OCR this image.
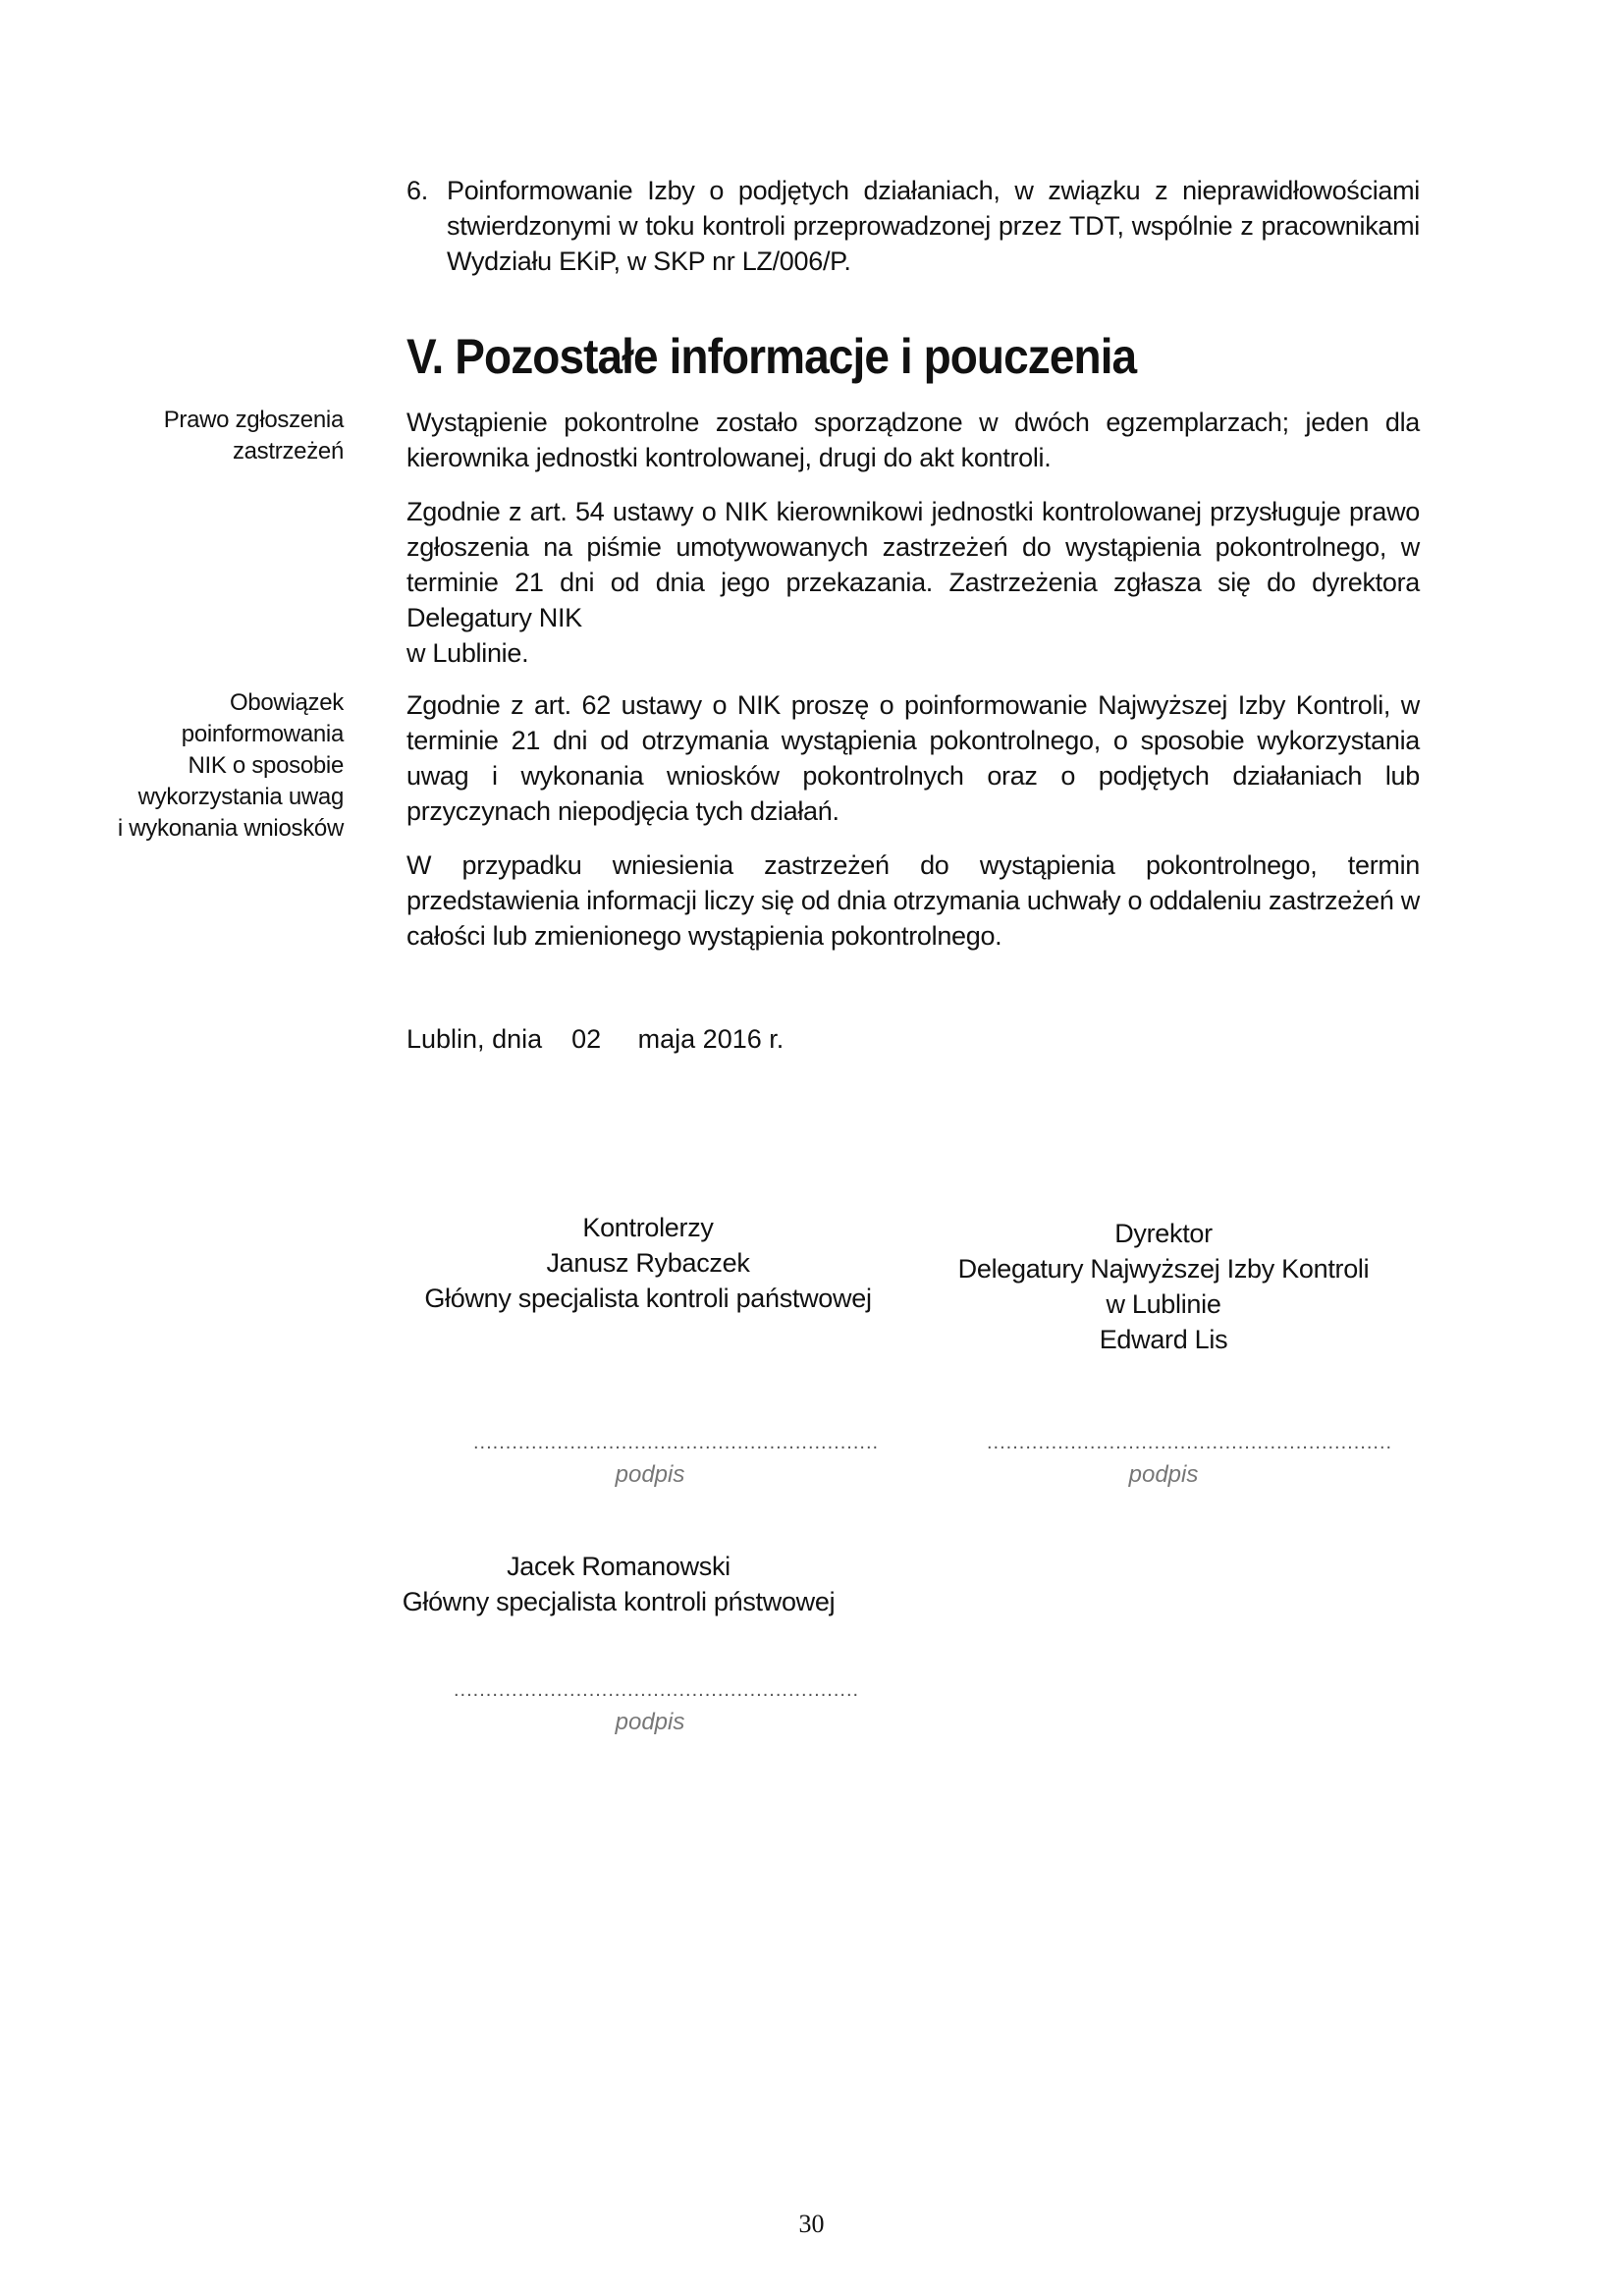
6. Poinformowanie Izby o podjętych działaniach, w związku z nieprawidłowościami stwierdzonymi w toku kontroli przeprowadzonej przez TDT, wspólnie z pracownikami Wydziału EKiP, w SKP nr LZ/006/P.
V. Pozostałe informacje i pouczenia
Prawo zgłoszenia
zastrzeżeń
Obowiązek
poinformowania
NIK o sposobie
wykorzystania uwag
i wykonania wniosków
Wystąpienie pokontrolne zostało sporządzone w dwóch egzemplarzach; jeden dla kierownika jednostki kontrolowanej, drugi do akt kontroli.
Zgodnie z art. 54 ustawy o NIK kierownikowi jednostki kontrolowanej przysługuje prawo zgłoszenia na piśmie umotywowanych zastrzeżeń do wystąpienia pokontrolnego, w terminie 21 dni od dnia jego przekazania. Zastrzeżenia zgłasza się do dyrektora Delegatury NIK
w Lublinie.
Zgodnie z art. 62 ustawy o NIK proszę o poinformowanie Najwyższej Izby Kontroli, w terminie 21 dni od otrzymania wystąpienia pokontrolnego, o sposobie wykorzystania uwag i wykonania wniosków pokontrolnych oraz o podjętych działaniach lub przyczynach niepodjęcia tych działań.
W przypadku wniesienia zastrzeżeń do wystąpienia pokontrolnego, termin przedstawienia informacji liczy się od dnia otrzymania uchwały o oddaleniu zastrzeżeń w całości lub zmienionego wystąpienia pokontrolnego.
Lublin, dnia    02     maja 2016 r.
Kontrolerzy
Janusz Rybaczek
Główny specjalista kontroli państwowej
Dyrektor
Delegatury Najwyższej Izby Kontroli
w Lublinie
Edward Lis
...............................................................
podpis
...............................................................
podpis
Jacek Romanowski
Główny specjalista kontroli pństwowej
...............................................................
podpis
30
